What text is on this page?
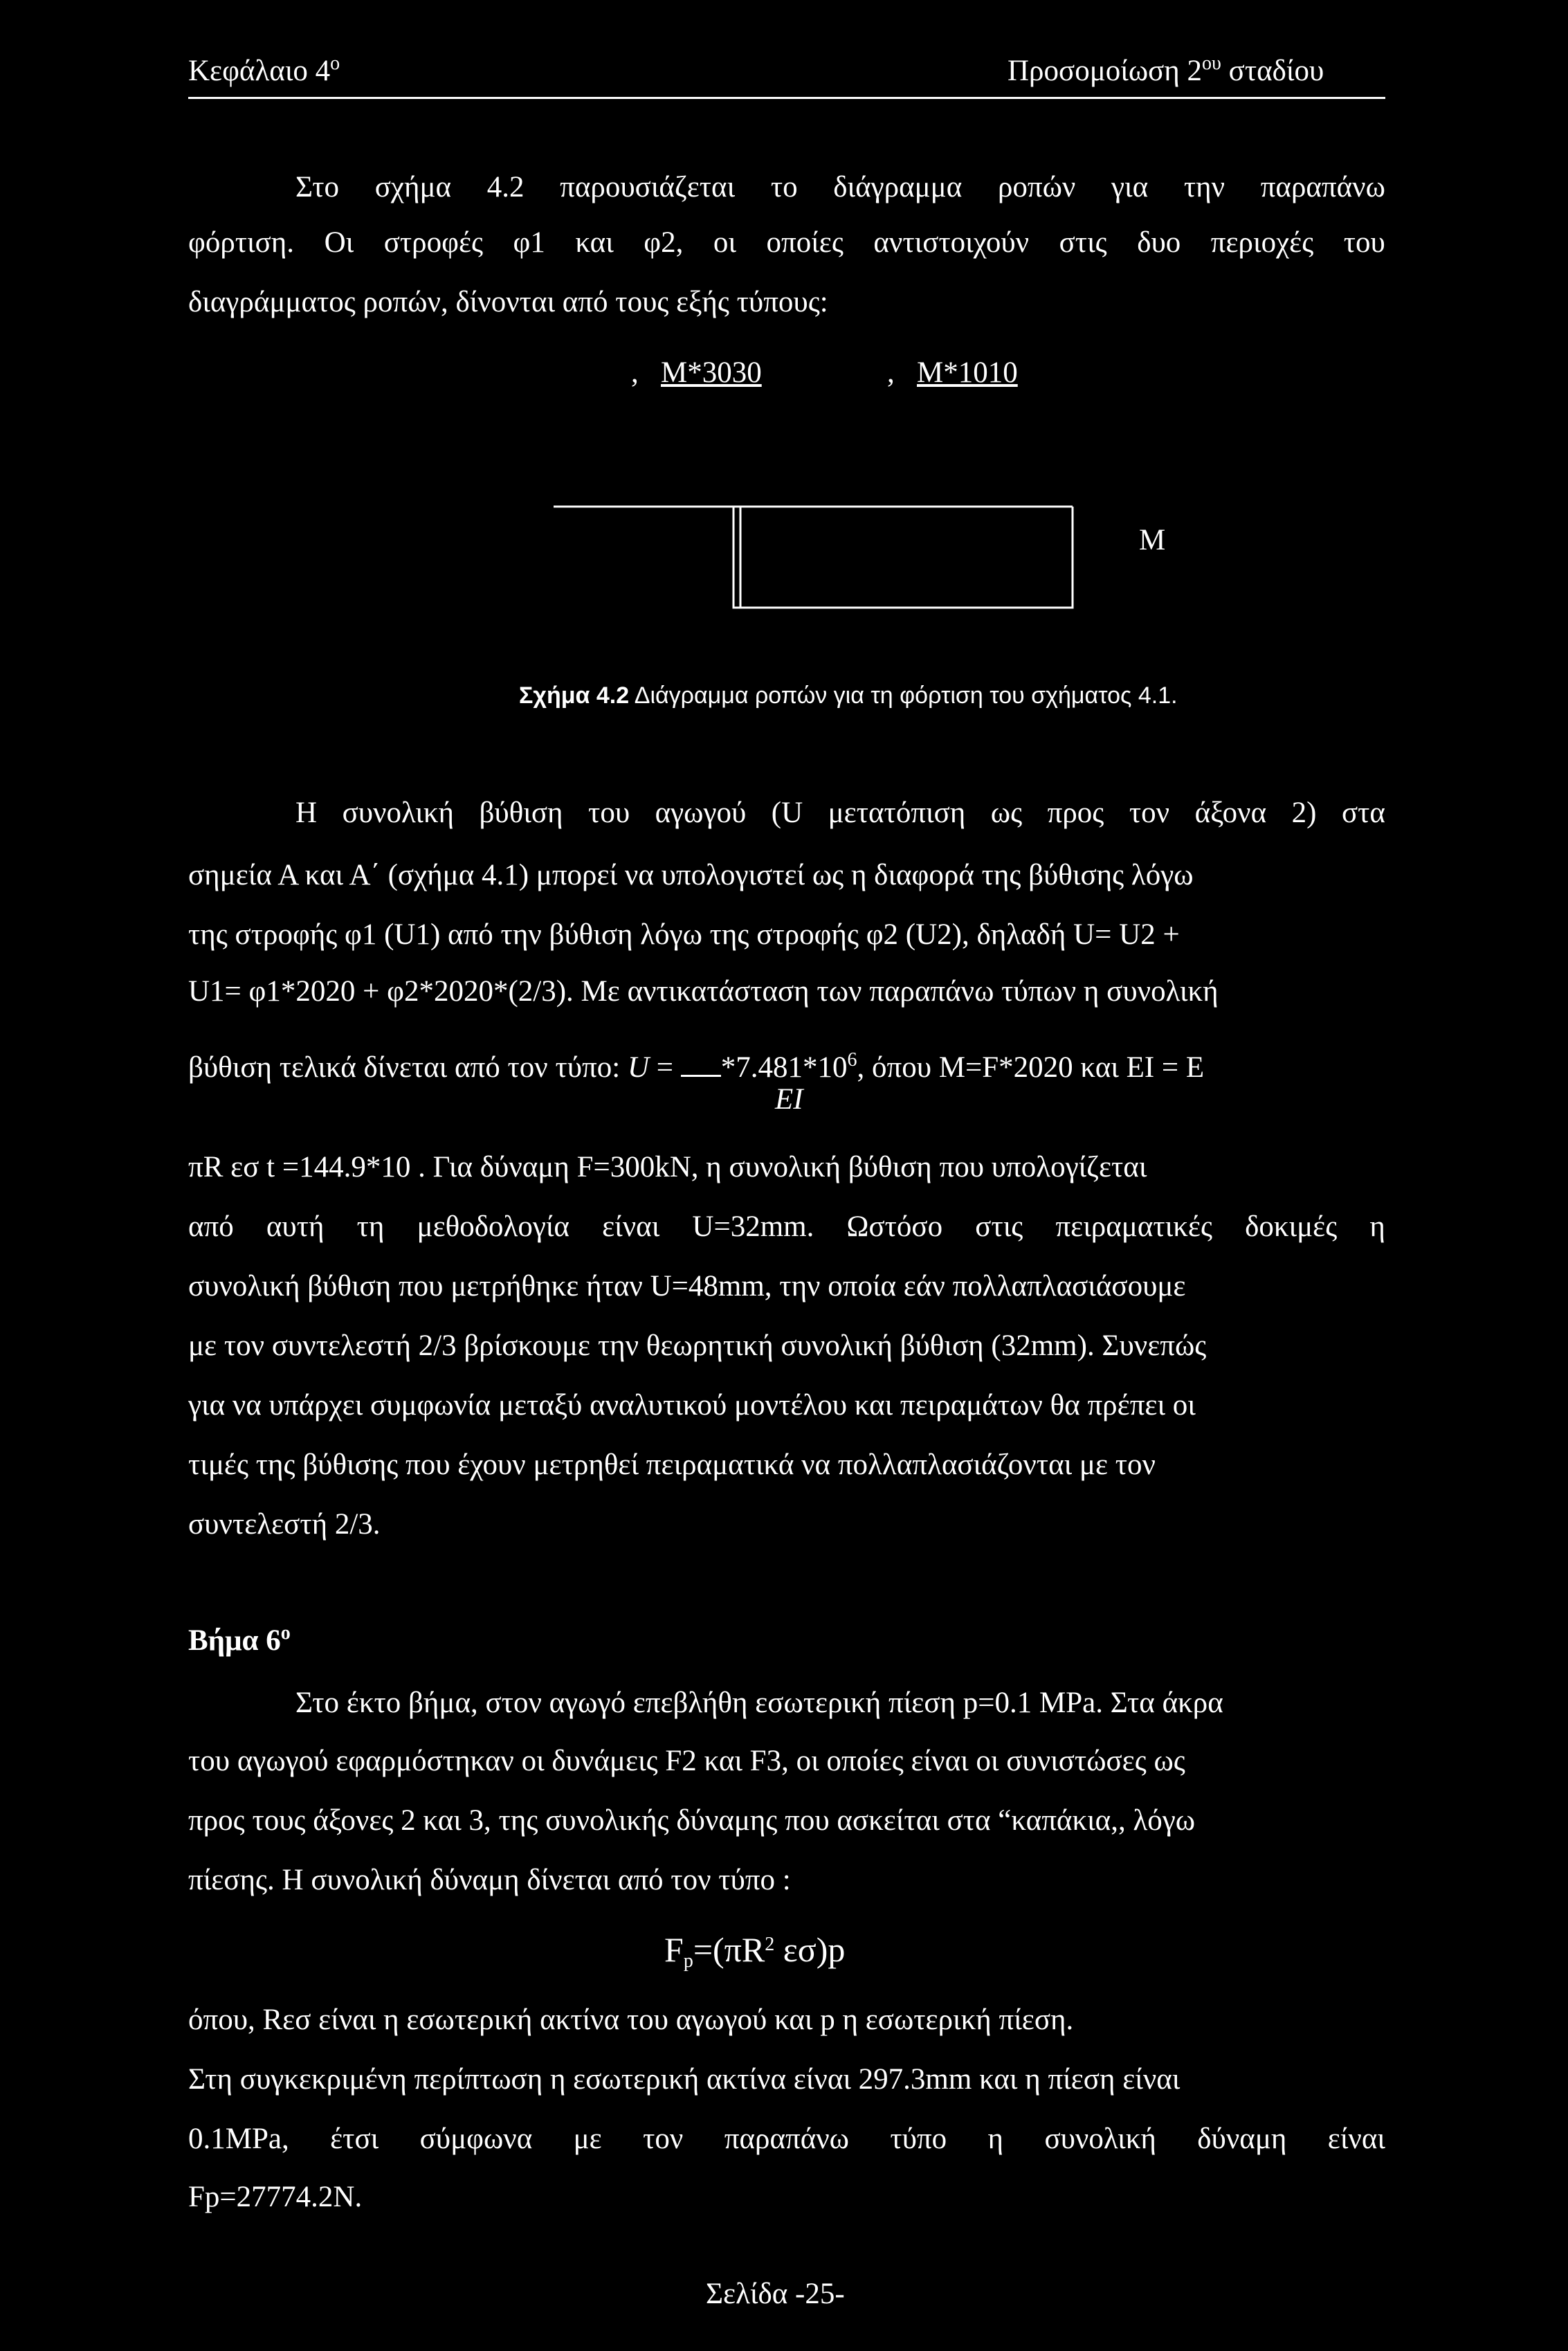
Κεφάλαιο $4^o$	Προσομοίωση $2^{o\upsilon}$ σταδίου
Στο σχήμα 4.2 παρουσιάζεται το διάγραμμα ροπών για την παραπάνω
φόρτιση. Οι στροφές φ1 και φ2, οι οποίες αντιστοιχούν στις δυο περιοχές του
διαγράμματος ροπών, δίνονται από τους εξής τύπους:
, M*3030	, M*1010
M
Σχήμα 4.2 Διάγραμμα ροπών για τη φόρτιση του σχήματος 4.1.
Η συνολική βύθιση του αγωγού (U μετατόπιση ως προς τον άξονα 2) στα
σημεία Α και Α΄ (σχήμα 4.1) μπορεί να υπολογιστεί ως η διαφορά της βύθισης λόγω
της στροφής φ1 (U1) από την βύθιση λόγω της στροφής φ2 (U2), δηλαδή U= U2 +
U1= φ1*2020 + φ2*2020*(2/3). Με αντικατάσταση των παραπάνω τύπων η συνολική
βύθιση τελικά δίνεται από τον τύπο: $U = *7.481*10^6$, όπου M=F*2020 και EI = E
EI
πR εσ t =144.9*10 . Για δύναμη F=300kN, η συνολική βύθιση που υπολογίζεται
από αυτή τη μεθοδολογία είναι U=32mm. Ωστόσο στις πειραματικές δοκιμές η
συνολική βύθιση που μετρήθηκε ήταν U=48mm, την οποία εάν πολλαπλασιάσουμε
με τον συντελεστή 2/3 βρίσκουμε την θεωρητική συνολική βύθιση (32mm). Συνεπώς
για να υπάρχει συμφωνία μεταξύ αναλυτικού μοντέλου και πειραμάτων θα πρέπει οι
τιμές της βύθισης που έχουν μετρηθεί πειραματικά να πολλαπλασιάζονται με τον
συντελεστή 2/3.
Βήμα $6^o$
Στο έκτο βήμα, στον αγωγό επεβλήθη εσωτερική πίεση p=0.1 MPa. Στα άκρα
του αγωγού εφαρμόστηκαν οι δυνάμεις F2 και F3, οι οποίες είναι οι συνιστώσες ως
προς τους άξονες 2 και 3, της συνολικής δύναμης που ασκείται στα “καπάκια,, λόγω
πίεσης. Η συνολική δύναμη δίνεται από τον τύπο :
$F_p=(\pi R^2$ εσ)p
όπου, Rεσ είναι η εσωτερική ακτίνα του αγωγού και p η εσωτερική πίεση.
Στη συγκεκριμένη περίπτωση η εσωτερική ακτίνα είναι 297.3mm και η πίεση είναι
0.1MPa, έτσι σύμφωνα με τον παραπάνω τύπο η συνολική δύναμη είναι
Fp=27774.2N.
Σελίδα -25-
